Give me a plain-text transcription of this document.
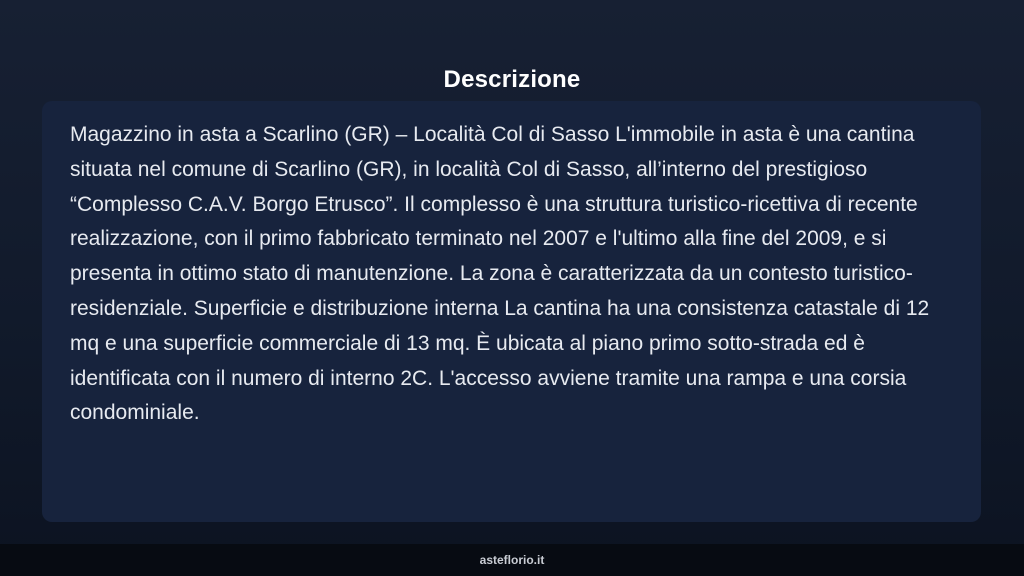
Descrizione

Magazzino in asta a Scarlino (GR) – Località Col di Sasso L'immobile in asta è una cantina situata nel comune di Scarlino (GR), in località Col di Sasso, all’interno del prestigioso “Complesso C.A.V. Borgo Etrusco”. Il complesso è una struttura turistico-ricettiva di recente realizzazione, con il primo fabbricato terminato nel 2007 e l'ultimo alla fine del 2009, e si presenta in ottimo stato di manutenzione. La zona è caratterizzata da un contesto turistico-residenziale. Superficie e distribuzione interna La cantina ha una consistenza catastale di 12 mq e una superficie commerciale di 13 mq. È ubicata al piano primo sotto-strada ed è identificata con il numero di interno 2C. L'accesso avviene tramite una rampa e una corsia condominiale.

asteflorio.it
